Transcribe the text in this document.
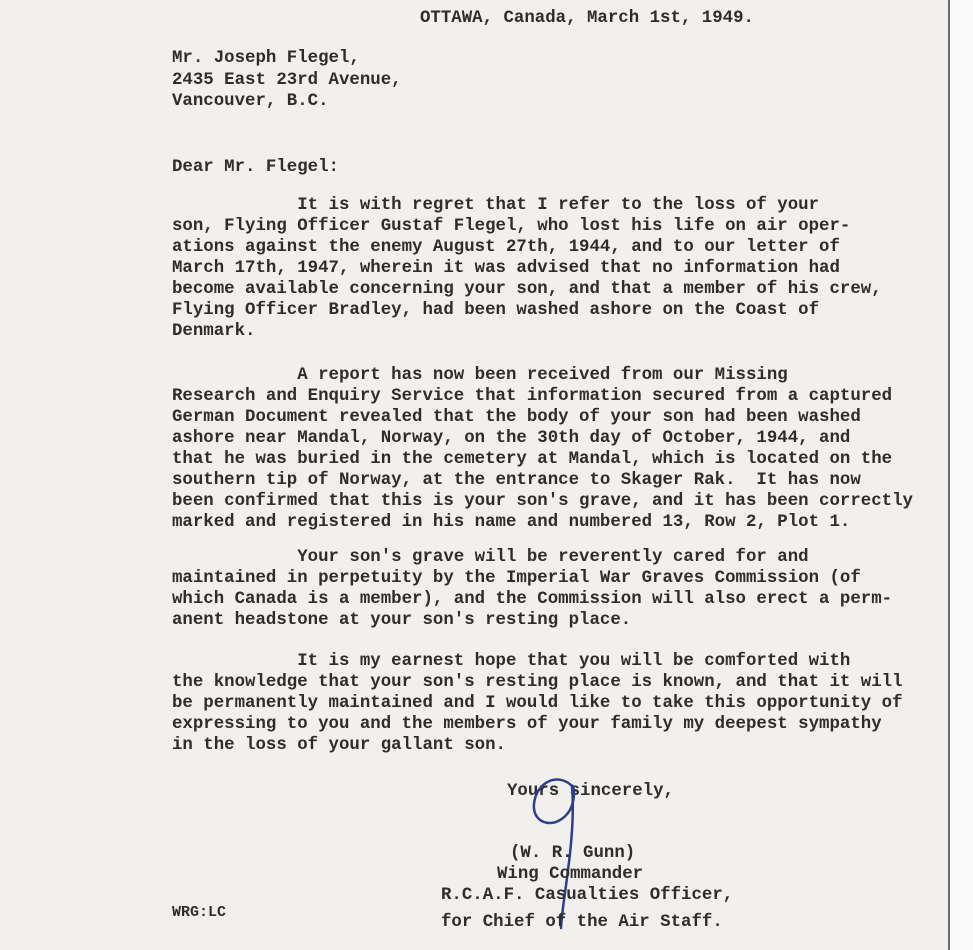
OTTAWA, Canada, March 1st, 1949.
Mr. Joseph Flegel,
2435 East 23rd Avenue,
Vancouver, B.C.
Dear Mr. Flegel:
It is with regret that I refer to the loss of your
son, Flying Officer Gustaf Flegel, who lost his life on air oper-
ations against the enemy August 27th, 1944, and to our letter of
March 17th, 1947, wherein it was advised that no information had
become available concerning your son, and that a member of his crew,
Flying Officer Bradley, had been washed ashore on the Coast of
Denmark.
A report has now been received from our Missing
Research and Enquiry Service that information secured from a captured
German Document revealed that the body of your son had been washed
ashore near Mandal, Norway, on the 30th day of October, 1944, and
that he was buried in the cemetery at Mandal, which is located on the
southern tip of Norway, at the entrance to Skager Rak.  It has now
been confirmed that this is your son's grave, and it has been correctly
marked and registered in his name and numbered 13, Row 2, Plot 1.
Your son's grave will be reverently cared for and
maintained in perpetuity by the Imperial War Graves Commission (of
which Canada is a member), and the Commission will also erect a perm-
anent headstone at your son's resting place.
It is my earnest hope that you will be comforted with
the knowledge that your son's resting place is known, and that it will
be permanently maintained and I would like to take this opportunity of
expressing to you and the members of your family my deepest sympathy
in the loss of your gallant son.
Yours sincerely,
(W. R. Gunn)
Wing Commander
R.C.A.F. Casualties Officer,
for Chief of the Air Staff.
WRG:LC
